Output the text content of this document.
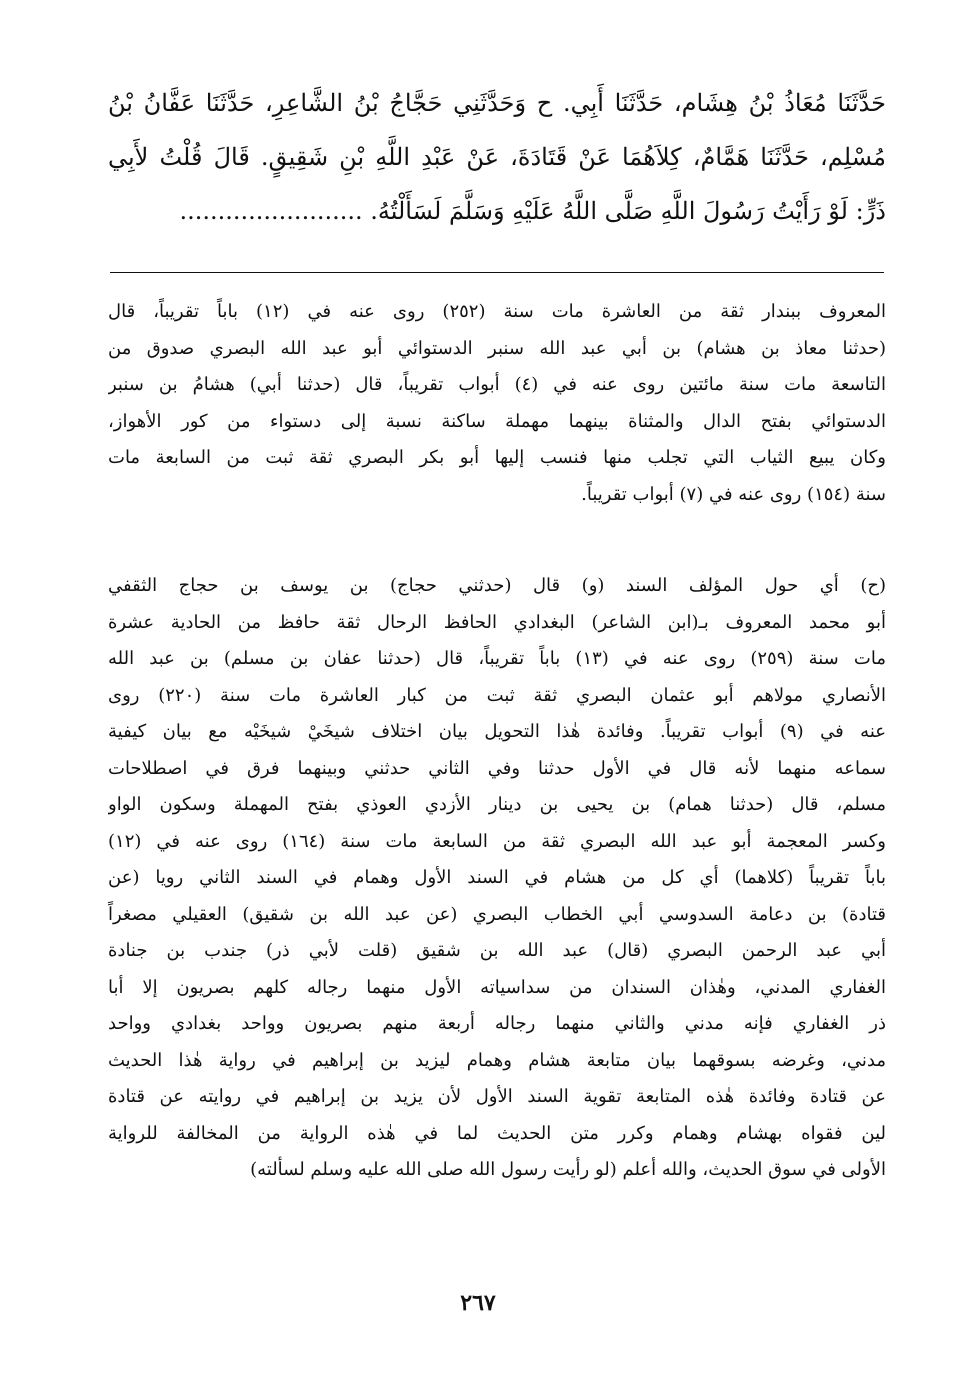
حَدَّثَنَا مُعَاذُ بْنُ هِشَام، حَدَّثَنَا أَبِي. ح وَحَدَّثَنِي حَجَّاجُ بْنُ الشَّاعِرِ، حَدَّثَنَا عَفَّانُ بْنُ
مُسْلِم، حَدَّثَنَا هَمَّامٌ، كِلاَهُمَا عَنْ قَتَادَةَ، عَنْ عَبْدِ اللَّهِ بْنِ شَقِيقٍ. قَالَ قُلْتُ لأَبِي
ذَرٍّ: لَوْ رَأَيْتُ رَسُولَ اللَّهِ صَلَّى اللَّهُ عَلَيْهِ وَسَلَّمَ لَسَأَلْتُهُ. ........................
المعروف ببندار ثقة من العاشرة مات سنة (٢٥٢) روى عنه في (١٢) باباً تقريباً، قال
(حدثنا معاذ بن هشام) بن أبي عبد الله سنبر الدستوائي أبو عبد الله البصري صدوق من
التاسعة مات سنة مائتين روى عنه في (٤) أبواب تقريباً، قال (حدثنا أبي) هشامُ بن سنبر
الدستوائي بفتح الدال والمثناة بينهما مهملة ساكنة نسبة إلى دستواء من كور الأهواز،
وكان يبيع الثياب التي تجلب منها فنسب إليها أبو بكر البصري ثقة ثبت من السابعة مات
سنة (١٥٤) روى عنه في (٧) أبواب تقريباً.
(ح) أي حول المؤلف السند (و) قال (حدثني حجاج) بن يوسف بن حجاج الثقفي
أبو محمد المعروف بـ(ابن الشاعر) البغدادي الحافظ الرحال ثقة حافظ من الحادية عشرة
مات سنة (٢٥٩) روى عنه في (١٣) باباً تقريباً، قال (حدثنا عفان بن مسلم) بن عبد الله
الأنصاري مولاهم أبو عثمان البصري ثقة ثبت من كبار العاشرة مات سنة (٢٢٠) روى
عنه في (٩) أبواب تقريباً. وفائدة هٰذا التحويل بيان اختلاف شيخَيْ شيخَيْه مع بيان كيفية
سماعه منهما لأنه قال في الأول حدثنا وفي الثاني حدثني وبينهما فرق في اصطلاحات
مسلم، قال (حدثنا همام) بن يحيى بن دينار الأزدي العوذي بفتح المهملة وسكون الواو
وكسر المعجمة أبو عبد الله البصري ثقة من السابعة مات سنة (١٦٤) روى عنه في (١٢)
باباً تقريباً (كلاهما) أي كل من هشام في السند الأول وهمام في السند الثاني رويا (عن
قتادة) بن دعامة السدوسي أبي الخطاب البصري (عن عبد الله بن شقيق) العقيلي مصغراً
أبي عبد الرحمن البصري (قال) عبد الله بن شقيق (قلت لأبي ذر) جندب بن جنادة
الغفاري المدني، وهٰذان السندان من سداسياته الأول منهما رجاله كلهم بصريون إلا أبا
ذر الغفاري فإنه مدني والثاني منهما رجاله أربعة منهم بصريون وواحد بغدادي وواحد
مدني، وغرضه بسوقهما بيان متابعة هشام وهمام ليزيد بن إبراهيم في رواية هٰذا الحديث
عن قتادة وفائدة هٰذه المتابعة تقوية السند الأول لأن يزيد بن إبراهيم في روايته عن قتادة
لين فقواه بهشام وهمام وكرر متن الحديث لما في هٰذه الرواية من المخالفة للرواية
الأولى في سوق الحديث، والله أعلم (لو رأيت رسول الله صلى الله عليه وسلم لسألته)
٢٦٧
